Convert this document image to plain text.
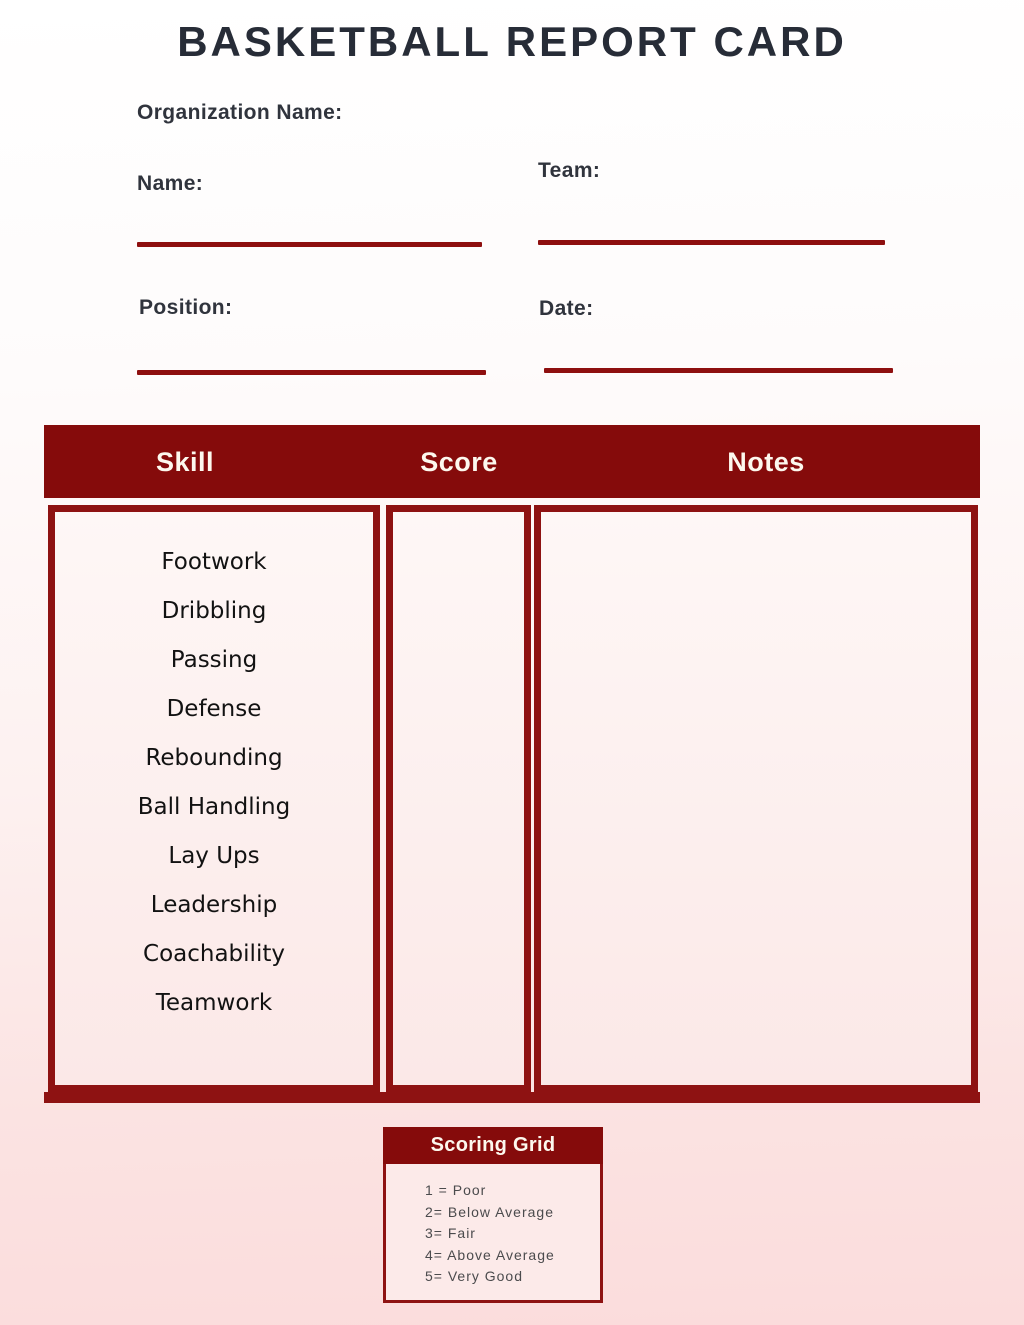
BASKETBALL REPORT CARD
Organization Name:
Name:
Team:
Position:	Date:
Skill	Score	Notes
Footwork
Dribbling
Passing
Defense
Rebounding
Ball Handling
Lay Ups
Leadership
Coachability
Teamwork
Scoring Grid
1 = Poor
2= Below Average
3= Fair
4= Above Average
5= Very Good
